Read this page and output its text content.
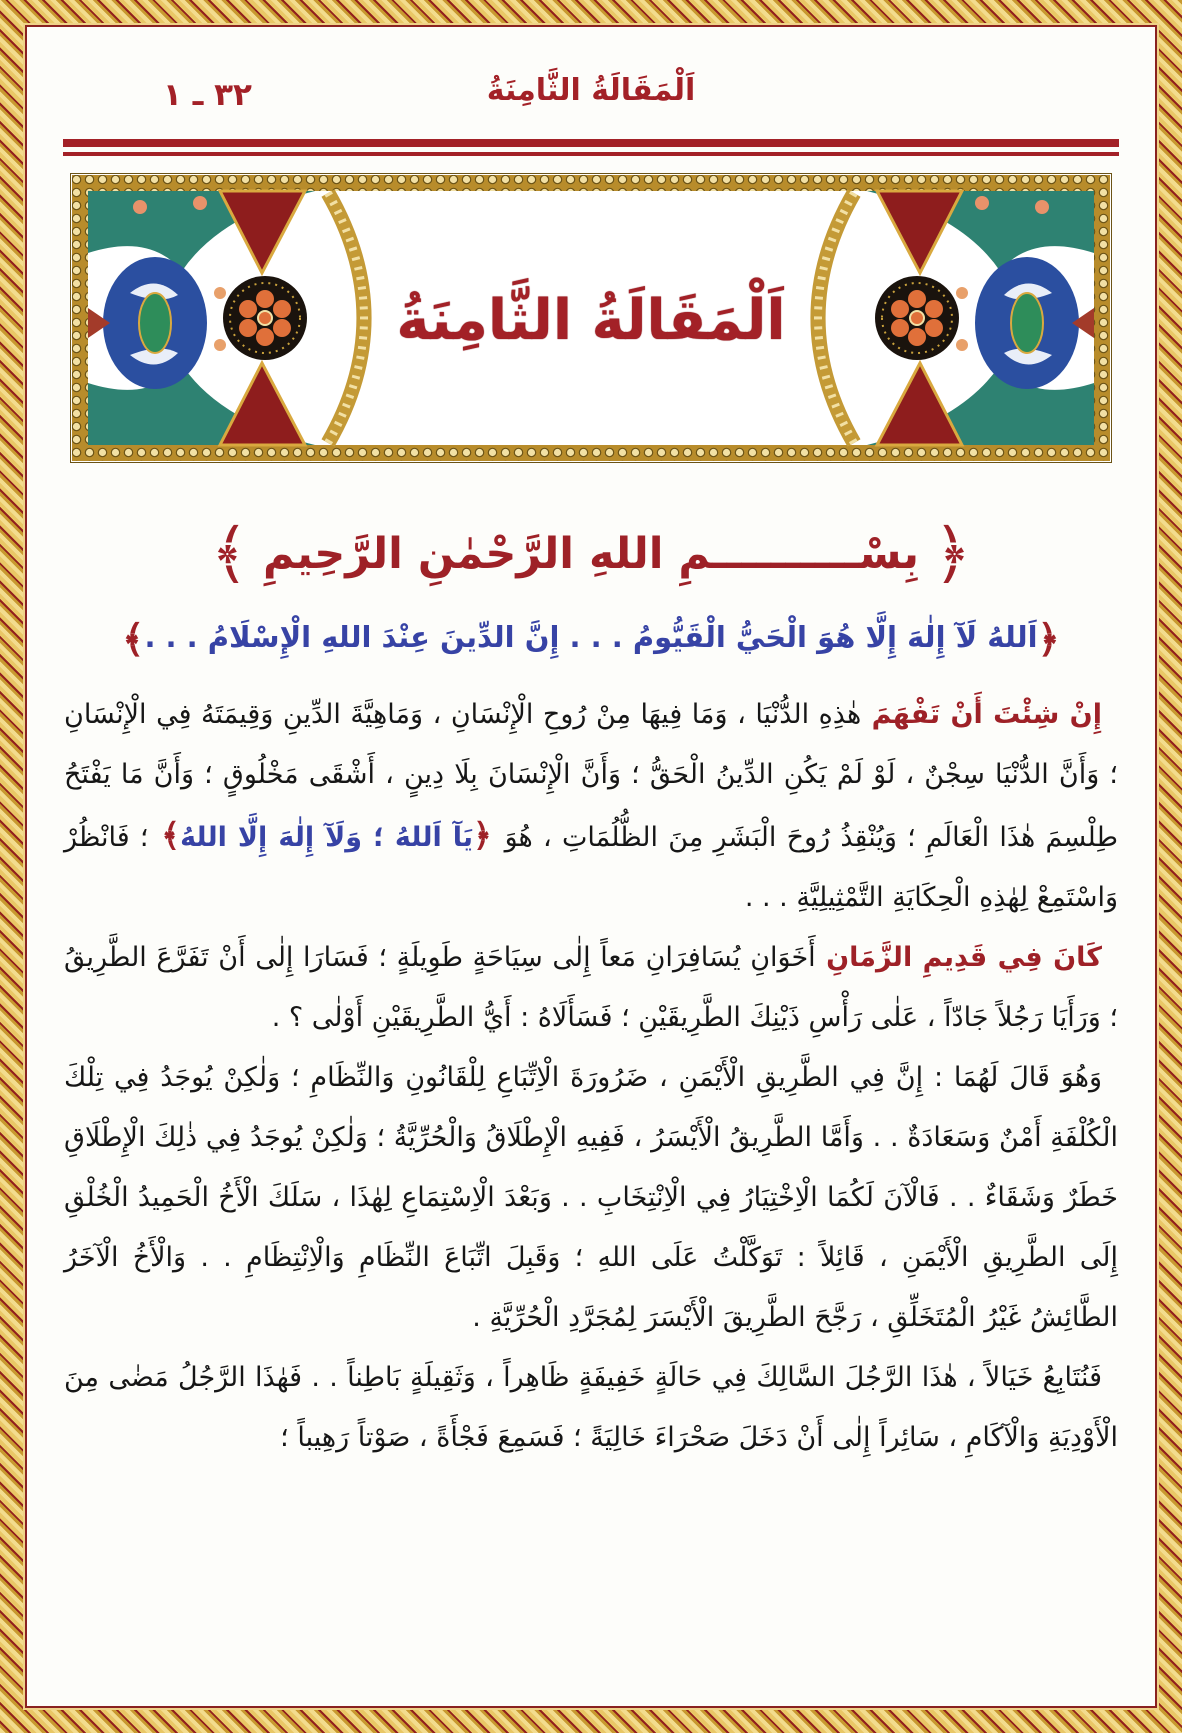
٣٢ ـ ١	اَلْمَقَالَةُ الثَّامِنَةُ
اَلْمَقَالَةُ الثَّامِنَةُ
﴿بِسْــــــــــمِ اللهِ الرَّحْمٰنِ الرَّحِيمِ﴾
﴿اَللهُ لَآ إِلٰهَ إِلَّا هُوَ الْحَيُّ الْقَيُّومُ . . . إِنَّ الدِّينَ عِنْدَ اللهِ الْإِسْلَامُ . . .﴾

إِنْ شِئْتَ أَنْ تَفْهَمَ هٰذِهِ الدُّنْيَا ، وَمَا فِيهَا مِنْ رُوحِ الْإِنْسَانِ ، وَمَاهِيَّةَ الدِّينِ وَقِيمَتَهُ فِي الْإِنْسَانِ ؛ وَأَنَّ الدُّنْيَا سِجْنٌ ، لَوْ لَمْ يَكُنِ الدِّينُ الْحَقُّ ؛ وَأَنَّ الْإِنْسَانَ بِلَا دِينٍ ، أَشْقَى مَخْلُوقٍ ؛ وَأَنَّ مَا يَفْتَحُ طِلْسِمَ هٰذَا الْعَالَمِ ؛ وَيُنْقِذُ رُوحَ الْبَشَرِ مِنَ الظُّلُمَاتِ ، هُوَ ﴿يَآ اَللهُ ؛ وَلَآ إِلٰهَ إِلَّا اللهُ﴾ ؛ فَانْظُرْ وَاسْتَمِعْ لِهٰذِهِ الْحِكَايَةِ التَّمْثِيلِيَّةِ . . .

كَانَ فِي قَدِيمِ الزَّمَانِ أَخَوَانِ يُسَافِرَانِ مَعاً إِلٰى سِيَاحَةٍ طَوِيلَةٍ ؛ فَسَارَا إِلٰى أَنْ تَفَرَّعَ الطَّرِيقُ ؛ وَرَأَيَا رَجُلاً جَادّاً ، عَلٰى رَأْسِ ذَيْنِكَ الطَّرِيقَيْنِ ؛ فَسَأَلَاهُ : أَيُّ الطَّرِيقَيْنِ أَوْلٰى ؟ .

وَهُوَ قَالَ لَهُمَا : إِنَّ فِي الطَّرِيقِ الْأَيْمَنِ ، ضَرُورَةَ الْاِتِّبَاعِ لِلْقَانُونِ وَالنِّظَامِ ؛ وَلٰكِنْ يُوجَدُ فِي تِلْكَ الْكُلْفَةِ أَمْنٌ وَسَعَادَةٌ . . وَأَمَّا الطَّرِيقُ الْأَيْسَرُ ، فَفِيهِ الْإِطْلَاقُ وَالْحُرِّيَّةُ ؛ وَلٰكِنْ يُوجَدُ فِي ذٰلِكَ الْإِطْلَاقِ خَطَرٌ وَشَقَاءٌ . . فَالْآنَ لَكُمَا الْاِخْتِيَارُ فِي الْاِنْتِخَابِ . . وَبَعْدَ الْاِسْتِمَاعِ لِهٰذَا ، سَلَكَ الْأَخُ الْحَمِيدُ الْخُلْقِ إِلَى الطَّرِيقِ الْأَيْمَنِ ، قَائِلاً : تَوَكَّلْتُ عَلَى اللهِ ؛ وَقَبِلَ اتِّبَاعَ النِّظَامِ وَالْاِنْتِظَامِ . . وَالْأَخُ الْآخَرُ الطَّائِشُ غَيْرُ الْمُتَخَلِّقِ ، رَجَّحَ الطَّرِيقَ الْأَيْسَرَ لِمُجَرَّدِ الْحُرِّيَّةِ .

فَنُتَابِعُ خَيَالاً ، هٰذَا الرَّجُلَ السَّالِكَ فِي حَالَةٍ خَفِيفَةٍ ظَاهِراً ، وَثَقِيلَةٍ بَاطِناً . . فَهٰذَا الرَّجُلُ مَضٰى مِنَ الْأَوْدِيَةِ وَالْآكَامِ ، سَائِراً إِلٰى أَنْ دَخَلَ صَحْرَاءَ خَالِيَةً ؛ فَسَمِعَ فَجْأَةً ، صَوْتاً رَهِيباً ؛
